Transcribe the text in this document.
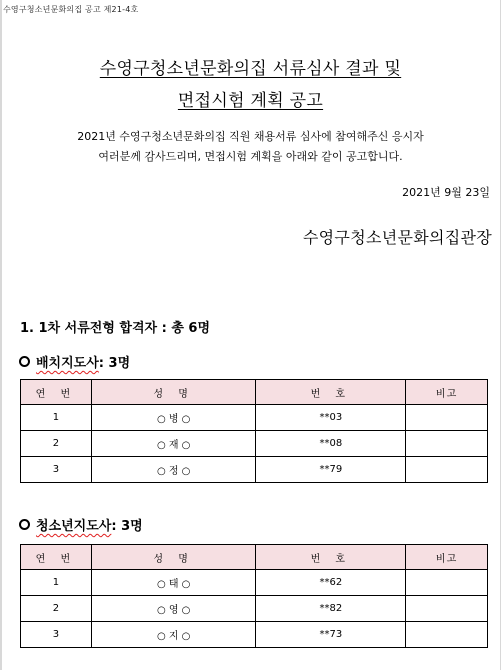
수영구청소년문화의집 공고 제21-4호
수영구청소년문화의집 서류심사 결과 및
면접시험 계획 공고
2021년 수영구청소년문화의집 직원 채용서류 심사에 참여해주신 응시자
여러분께 감사드리며, 면접시험 계획을 아래와 같이 공고합니다.
2021년 9월 23일
수영구청소년문화의집관장
1. 1차 서류전형 합격자 : 총 6명
배치지도사 : 3명
연 번	성 명	번 호	비고
1	○ 병 ○	**03	
2	○ 재 ○	**08	
3	○ 정 ○	**79	
청소년지도사 : 3명
연 번	성 명	번 호	비고
1	○ 태 ○	**62	
2	○ 영 ○	**82	
3	○ 지 ○	**73	
